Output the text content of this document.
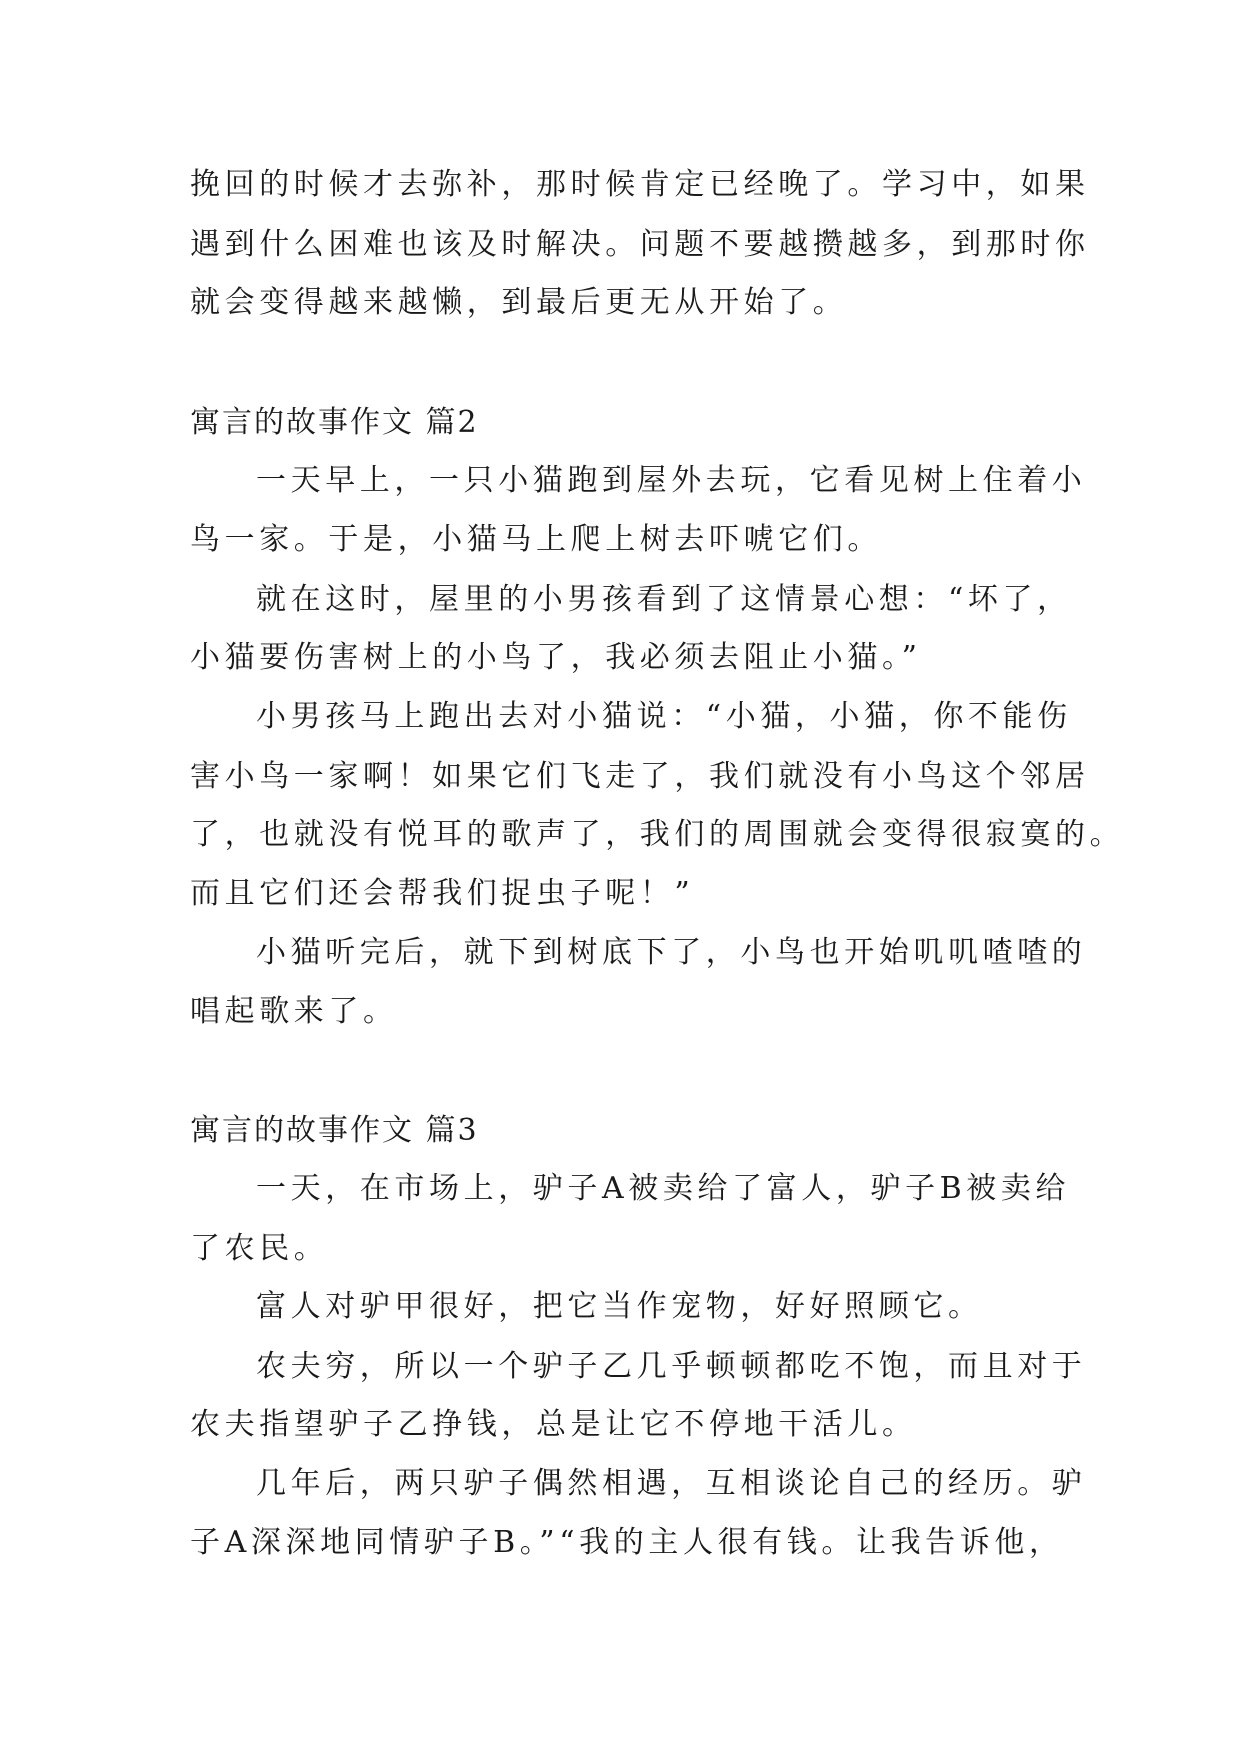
挽回的时候才去弥补，那时候肯定已经晚了。学习中，如果
遇到什么困难也该及时解决。问题不要越攒越多，到那时你
就会变得越来越懒，到最后更无从开始了。
寓言的故事作文 篇2
一天早上，一只小猫跑到屋外去玩，它看见树上住着小
鸟一家。于是，小猫马上爬上树去吓唬它们。
就在这时，屋里的小男孩看到了这情景心想：“坏了，
小猫要伤害树上的小鸟了，我必须去阻止小猫。”
小男孩马上跑出去对小猫说：“小猫，小猫，你不能伤
害小鸟一家啊！如果它们飞走了，我们就没有小鸟这个邻居
了，也就没有悦耳的歌声了，我们的周围就会变得很寂寞的。
而且它们还会帮我们捉虫子呢！”
小猫听完后，就下到树底下了，小鸟也开始叽叽喳喳的
唱起歌来了。
寓言的故事作文 篇3
一天，在市场上，驴子A被卖给了富人，驴子B被卖给
了农民。
富人对驴甲很好，把它当作宠物，好好照顾它。
农夫穷，所以一个驴子乙几乎顿顿都吃不饱，而且对于
农夫指望驴子乙挣钱，总是让它不停地干活儿。
几年后，两只驴子偶然相遇，互相谈论自己的经历。驴
子A深深地同情驴子B。”“我的主人很有钱。让我告诉他，
